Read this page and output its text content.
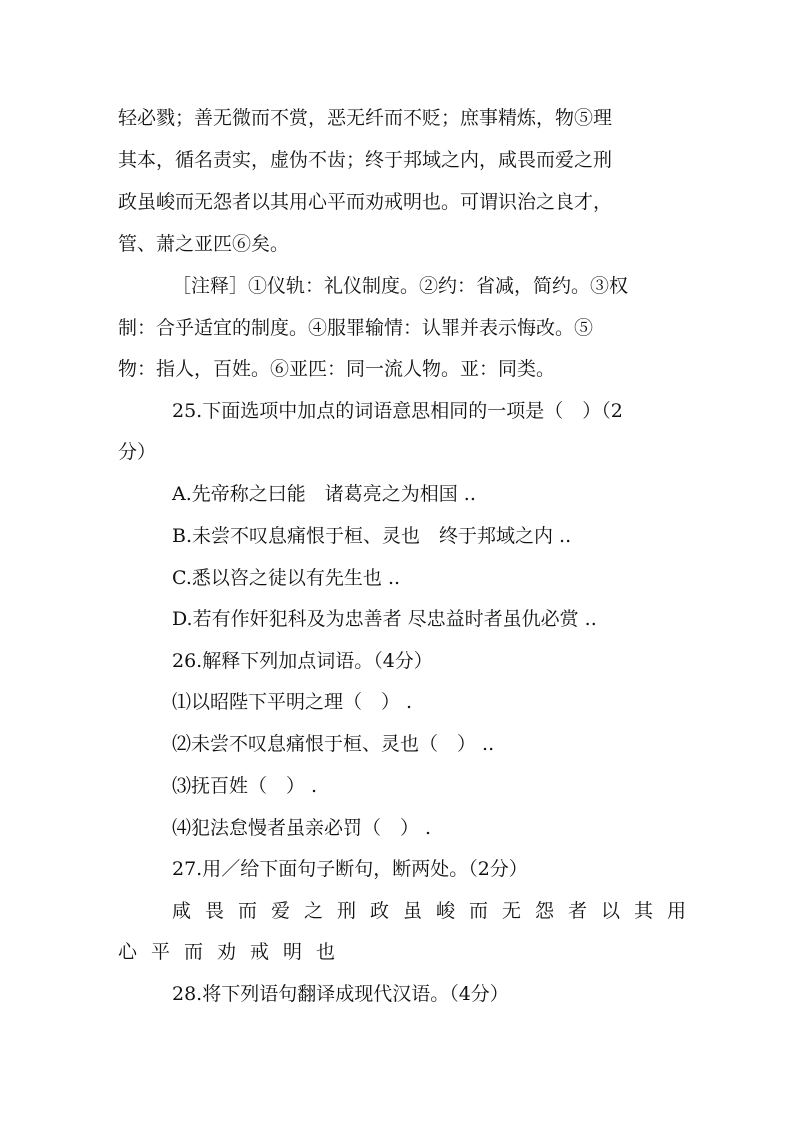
轻必戮；善无微而不赏，恶无纤而不贬；庶事精炼，物⑤理
其本，循名责实，虚伪不齿；终于邦域之内，咸畏而爱之刑
政虽峻而无怨者以其用心平而劝戒明也。可谓识治之良才，
管、萧之亚匹⑥矣。
［注释］①仪轨：礼仪制度。②约：省减，简约。③权
制：合乎适宜的制度。④服罪输情：认罪并表示悔改。⑤
物：指人，百姓。⑥亚匹：同一流人物。亚：同类。
25.下面选项中加点的词语意思相同的一项是（　）（2
分）
A.先帝称之曰能　诸葛亮之为相国 ..
B.未尝不叹息痛恨于桓、灵也　终于邦域之内 ..
C.悉以咨之徒以有先生也 ..
D.若有作奸犯科及为忠善者 尽忠益时者虽仇必赏 ..
26.解释下列加点词语。（4分）
⑴以昭陛下平明之理（　） .
⑵未尝不叹息痛恨于桓、灵也（　） ..
⑶抚百姓（　） .
⑷犯法怠慢者虽亲必罚（　） .
27.用／给下面句子断句，断两处。（2分）
咸畏而爱之刑政虽峻而无怨者以其用
心平而劝戒明也
28.将下列语句翻译成现代汉语。（4分）
